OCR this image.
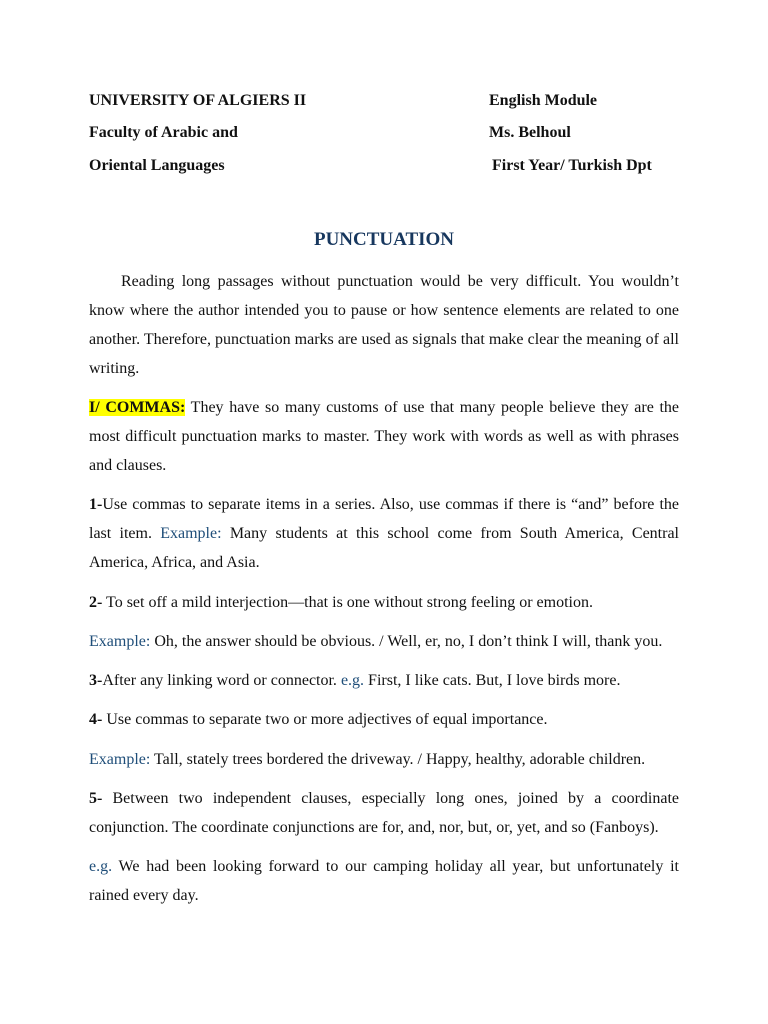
UNIVERSITY OF ALGIERS II	English Module
Faculty of Arabic and	Ms. Belhoul
Oriental Languages	First Year/ Turkish Dpt
PUNCTUATION

Reading long passages without punctuation would be very difficult. You wouldn’t know where the author intended you to pause or how sentence elements are related to one another. Therefore, punctuation marks are used as signals that make clear the meaning of all writing.

I/ COMMAS: They have so many customs of use that many people believe they are the most difficult punctuation marks to master. They work with words as well as with phrases and clauses.

1-Use commas to separate items in a series. Also, use commas if there is “and” before the last item. Example: Many students at this school come from South America, Central America, Africa, and Asia.

2- To set off a mild interjection—that is one without strong feeling or emotion.

Example: Oh, the answer should be obvious. / Well, er, no, I don’t think I will, thank you.

3-After any linking word or connector. e.g. First, I like cats. But, I love birds more.

4- Use commas to separate two or more adjectives of equal importance.

Example: Tall, stately trees bordered the driveway. / Happy, healthy, adorable children.

5- Between two independent clauses, especially long ones, joined by a coordinate conjunction. The coordinate conjunctions are for, and, nor, but, or, yet, and so (Fanboys).

e.g. We had been looking forward to our camping holiday all year, but unfortunately it rained every day.
